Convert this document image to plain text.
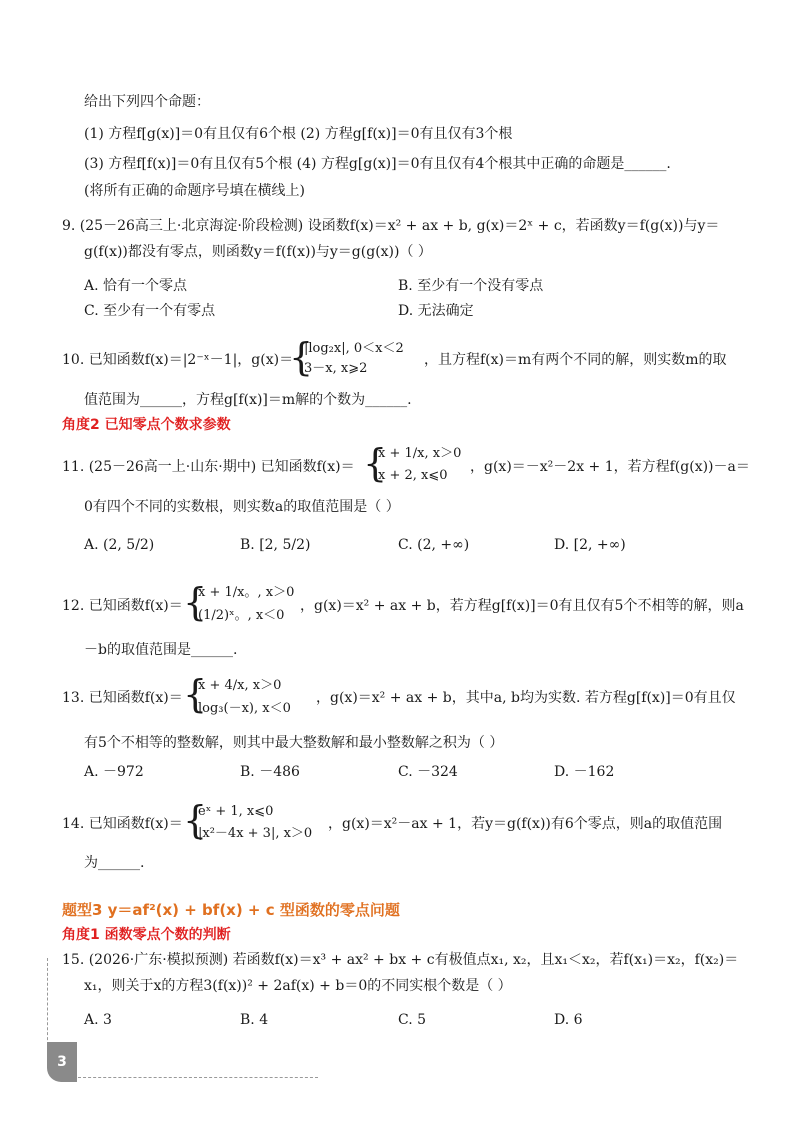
给出下列四个命题：
(1) 方程f[g(x)]＝0有且仅有6个根 (2) 方程g[f(x)]＝0有且仅有3个根
(3) 方程f[f(x)]＝0有且仅有5个根 (4) 方程g[g(x)]＝0有且仅有4个根其中正确的命题是______.
(将所有正确的命题序号填在横线上)
9. (25－26高三上·北京海淀·阶段检测) 设函数f(x)＝x² + ax + b, g(x)＝2ˣ + c，若函数y＝f(g(x))与y＝
g(f(x))都没有零点，则函数y＝f(f(x))与y＝g(g(x))（ ）
A. 恰有一个零点	B. 至少有一个没有零点
C. 至少有一个有零点	D. 无法确定
10. 已知函数f(x)＝|2⁻ˣ－1|，g(x)＝
{
|log₂x|, 0＜x＜2
3－x, x⩾2
，且方程f(x)＝m有两个不同的解，则实数m的取
值范围为______，方程g[f(x)]＝m解的个数为______.
角度2 已知零点个数求参数
11. (25－26高一上·山东·期中) 已知函数f(x)＝ {
x + 1/x, x＞0
x + 2, x⩽0
，g(x)＝－x²－2x + 1，若方程f(g(x))－a＝
0有四个不同的实数根，则实数a的取值范围是（ ）
A. (2, 5/2)	B. [2, 5/2)	C. (2, +∞)	D. [2, +∞)
12. 已知函数f(x)＝ {
x + 1/x。, x＞0
(1/2)ˣ。, x＜0
，g(x)＝x² + ax + b，若方程g[f(x)]＝0有且仅有5个不相等的解，则a
－b的取值范围是______.
13. 已知函数f(x)＝ {
x + 4/x, x＞0
log₃(－x), x＜0
，g(x)＝x² + ax + b，其中a, b均为实数. 若方程g[f(x)]＝0有且仅
有5个不相等的整数解，则其中最大整数解和最小整数解之积为（ ）
A. －972	B. －486	C. －324	D. －162
14. 已知函数f(x)＝ {
eˣ + 1, x⩽0
|x²－4x + 3|, x＞0
，g(x)＝x²－ax + 1，若y＝g(f(x))有6个零点，则a的取值范围
为______.
题型3 y＝af²(x) + bf(x) + c 型函数的零点问题
角度1 函数零点个数的判断
15. (2026·广东·模拟预测) 若函数f(x)＝x³ + ax² + bx + c有极值点x₁, x₂，且x₁＜x₂，若f(x₁)＝x₂，f(x₂)＝
x₁，则关于x的方程3(f(x))² + 2af(x) + b＝0的不同实根个数是（ ）
A. 3	B. 4	C. 5	D. 6
3
